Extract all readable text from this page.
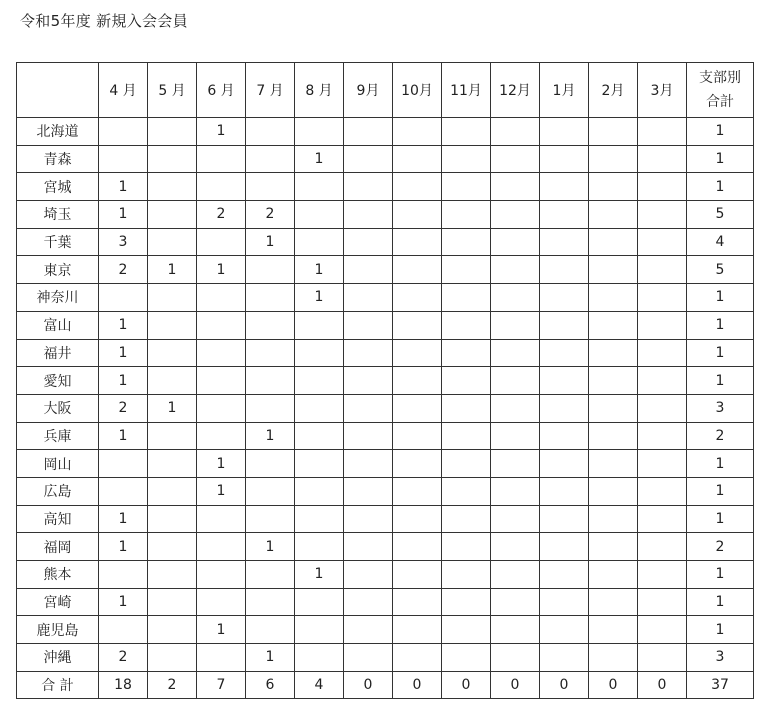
令和5年度 新規入会会員
	4 月	5 月	6 月	7 月	8 月	9月	10月	11月	12月	1月	2月	3月	支部別
合計

北海道			1										1
青森					1								1
宮城	1												1
埼玉	1		2	2									5
千葉	3			1									4
東京	2	1	1		1								5
神奈川					1								1
富山	1												1
福井	1												1
愛知	1												1
大阪	2	1											3
兵庫	1			1									2
岡山			1										1
広島			1										1
高知	1												1
福岡	1			1									2
熊本					1								1
宮崎	1												1
鹿児島			1										1
沖縄	2			1									3
合 計	18	2	7	6	4	0	0	0	0	0	0	0	37
